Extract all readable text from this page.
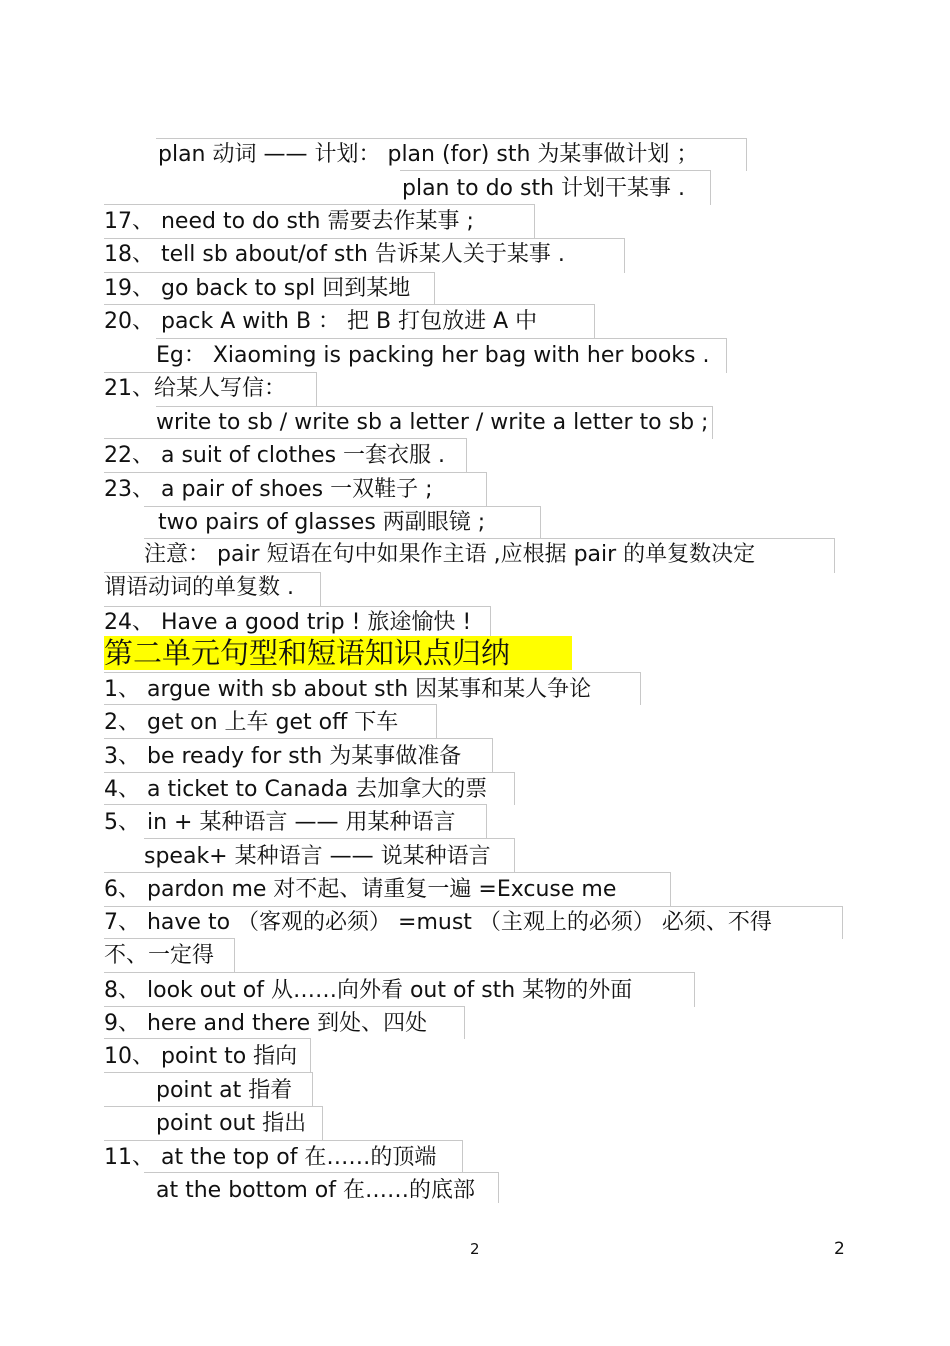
plan 动词 —— 计划： plan (for) sth 为某事做计划 ；
plan to do sth 计划干某事 .
17、 need to do sth 需要去作某事 ;
18、 tell sb about/of sth 告诉某人关于某事 .
19、 go back to spl 回到某地
20、 pack A with B ： 把 B 打包放进 A 中
Eg： Xiaoming is packing her bag with her books .
21、给某人写信：
write to sb / write sb a letter / write a letter to sb ;
22、 a suit of clothes 一套衣服 .
23、 a pair of shoes 一双鞋子 ;
two pairs of glasses 两副眼镜 ;
注意： pair 短语在句中如果作主语 ,应根据 pair 的单复数决定
谓语动词的单复数 .
24、 Have a good trip ! 旅途愉快 !
第二单元句型和短语知识点归纳
1、 argue with sb about sth 因某事和某人争论
2、 get on 上车 get off 下车
3、 be ready for sth 为某事做准备
4、 a ticket to Canada 去加拿大的票
5、 in + 某种语言 —— 用某种语言
speak+ 某种语言 —— 说某种语言
6、 pardon me 对不起、请重复一遍 =Excuse me
7、 have to （客观的必须） =must （主观上的必须） 必须、不得
不、一定得
8、 look out of 从……向外看 out of sth 某物的外面
9、 here and there 到处、四处
10、 point to 指向
point at 指着
point out 指出
11、 at the top of 在……的顶端
at the bottom of 在……的底部
2	2
